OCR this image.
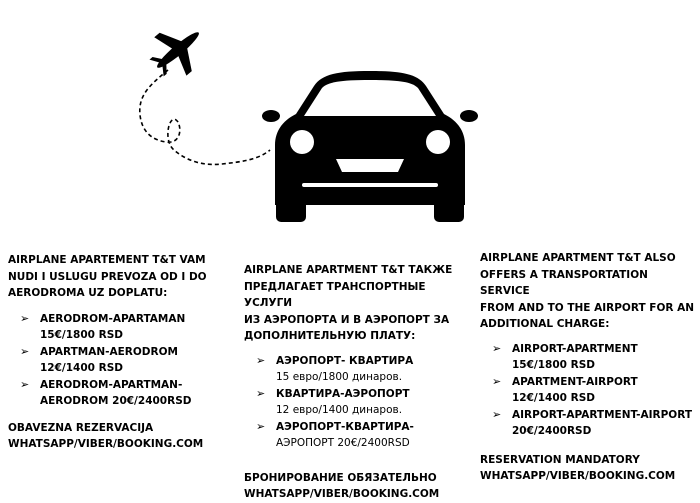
AIRPLANE APARTEMENT T&T VAM
NUDI I USLUGU PREVOZA OD I DO
AERODROMA UZ DOPLATU:

➢ AERODROM-APARTAMAN
15€/1800 RSD
➢ APARTMAN-AERODROM
12€/1400 RSD
➢ AERODROM-APARTMAN-
AERODROM 20€/2400RSD

OBAVEZNA REZERVACIJA
WHATSAPP/VIBER/BOOKING.COM

AIRPLANE APARTMENT T&T ТАКЖЕ
ПРЕДЛАГАЕТ ТРАНСПОРТНЫЕ УСЛУГИ
ИЗ АЭРОПОРТА И В АЭРОПОРТ ЗА
ДОПОЛНИТЕЛЬНУЮ ПЛАТУ:

➢ АЭРОПОРТ- КВАРТИРА
15 евро/1800 динаров.
➢ КВАРТИРА-АЭРОПОРТ
12 евро/1400 динаров.
➢ АЭРОПОРТ-КВАРТИРА-
АЭРОПОРТ 20€/2400RSD

БРОНИРОВАНИЕ ОБЯЗАТЕЛЬНО
WHATSAPP/VIBER/BOOKING.COM

AIRPLANE APARTMENT T&T ALSO
OFFERS A TRANSPORTATION SERVICE
FROM AND TO THE AIRPORT FOR AN
ADDITIONAL CHARGE:

➢ AIRPORT-APARTMENT
15€/1800 RSD
➢ APARTMENT-AIRPORT
12€/1400 RSD
➢ AIRPORT-APARTMENT-AIRPORT
20€/2400RSD

RESERVATION MANDATORY
WHATSAPP/VIBER/BOOKING.COM
